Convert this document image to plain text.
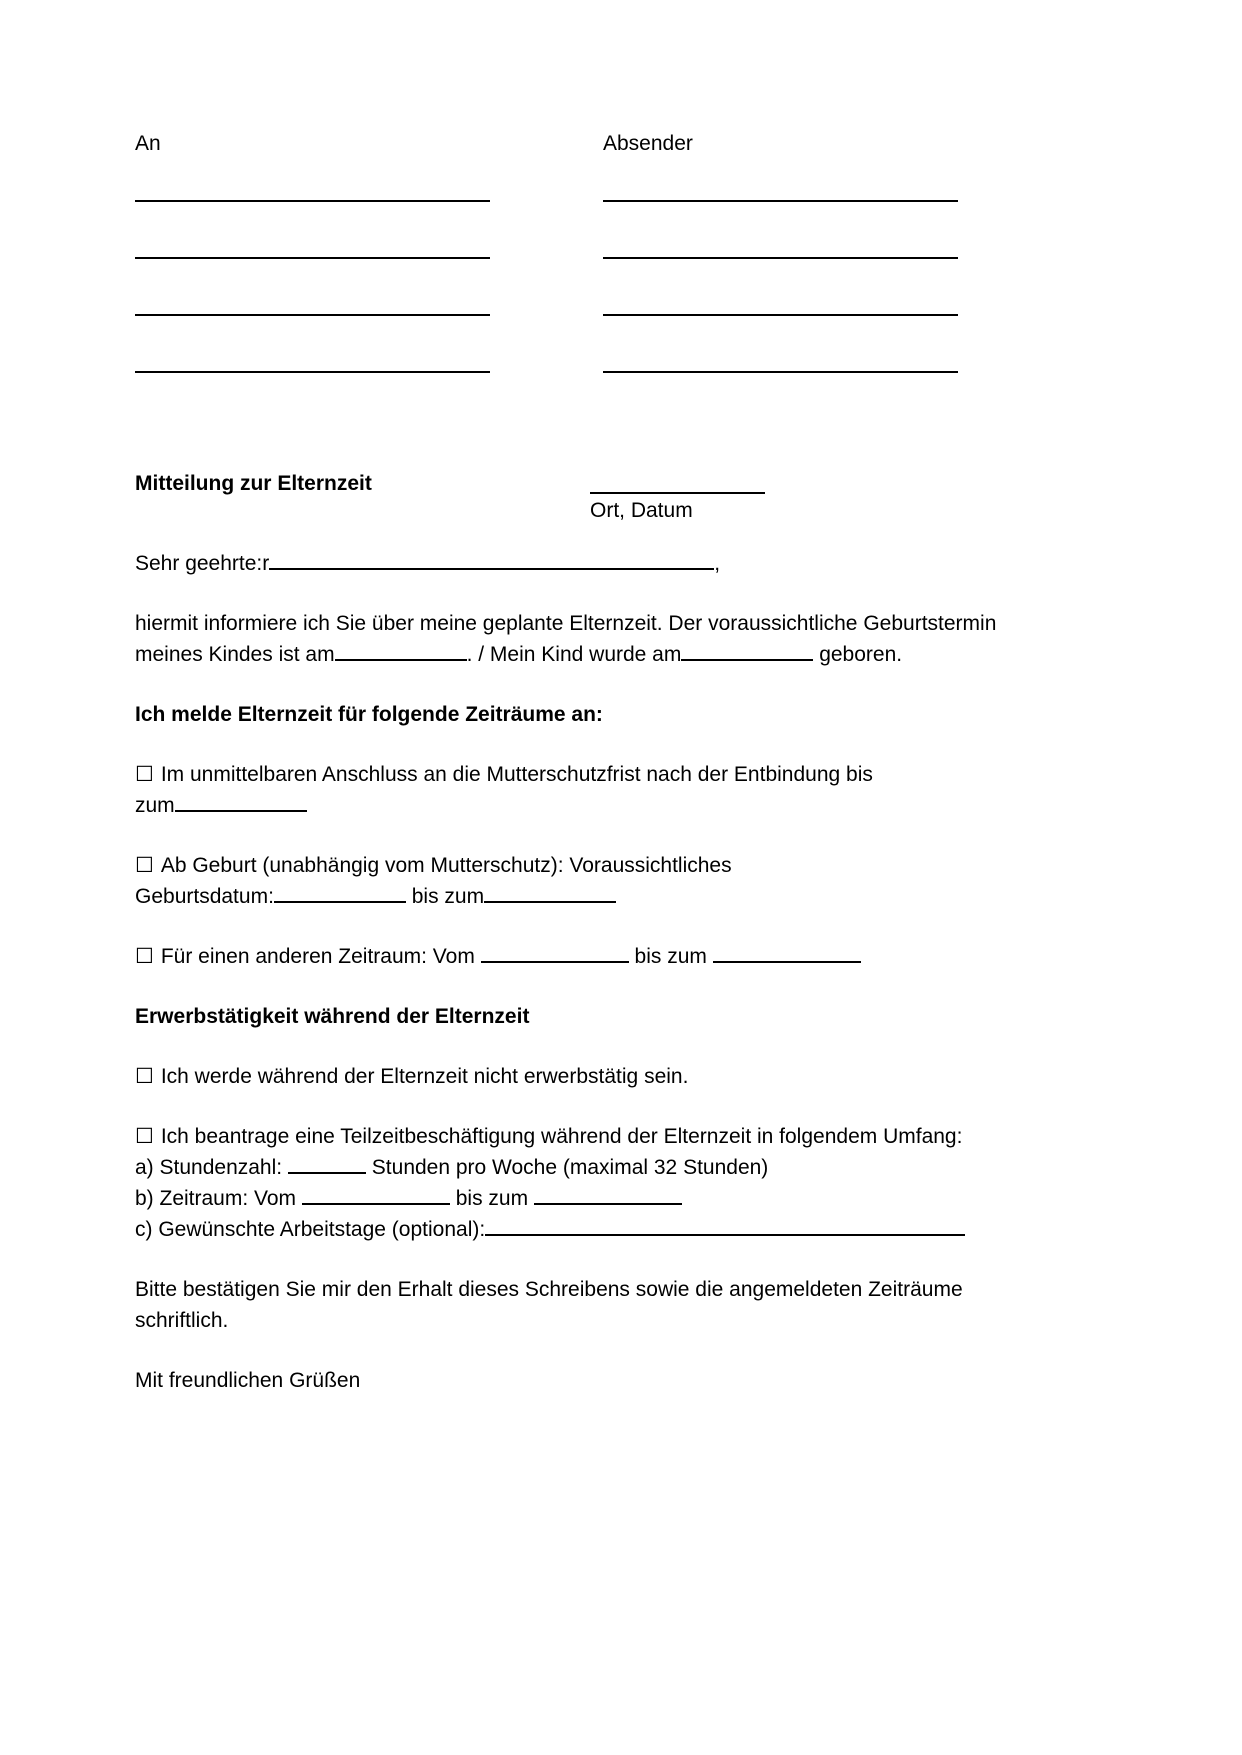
An	Absender
Mitteilung zur Elternzeit
Ort, Datum

Sehr geehrte:r	,

hiermit informiere ich Sie über meine geplante Elternzeit. Der voraussichtliche Geburtstermin

meines Kindes ist am	. / Mein Kind wurde am	geboren.

Ich melde Elternzeit für folgende Zeiträume an:

☐ Im unmittelbaren Anschluss an die Mutterschutzfrist nach der Entbindung bis

zum

☐ Ab Geburt (unabhängig vom Mutterschutz): Voraussichtliches

Geburtsdatum:	bis zum

☐ Für einen anderen Zeitraum: Vom	bis zum

Erwerbstätigkeit während der Elternzeit

☐ Ich werde während der Elternzeit nicht erwerbstätig sein.

☐ Ich beantrage eine Teilzeitbeschäftigung während der Elternzeit in folgendem Umfang:

a) Stundenzahl:	Stunden pro Woche (maximal 32 Stunden)

b) Zeitraum: Vom	bis zum

c) Gewünschte Arbeitstage (optional):

Bitte bestätigen Sie mir den Erhalt dieses Schreibens sowie die angemeldeten Zeiträume

schriftlich.

Mit freundlichen Grüßen
